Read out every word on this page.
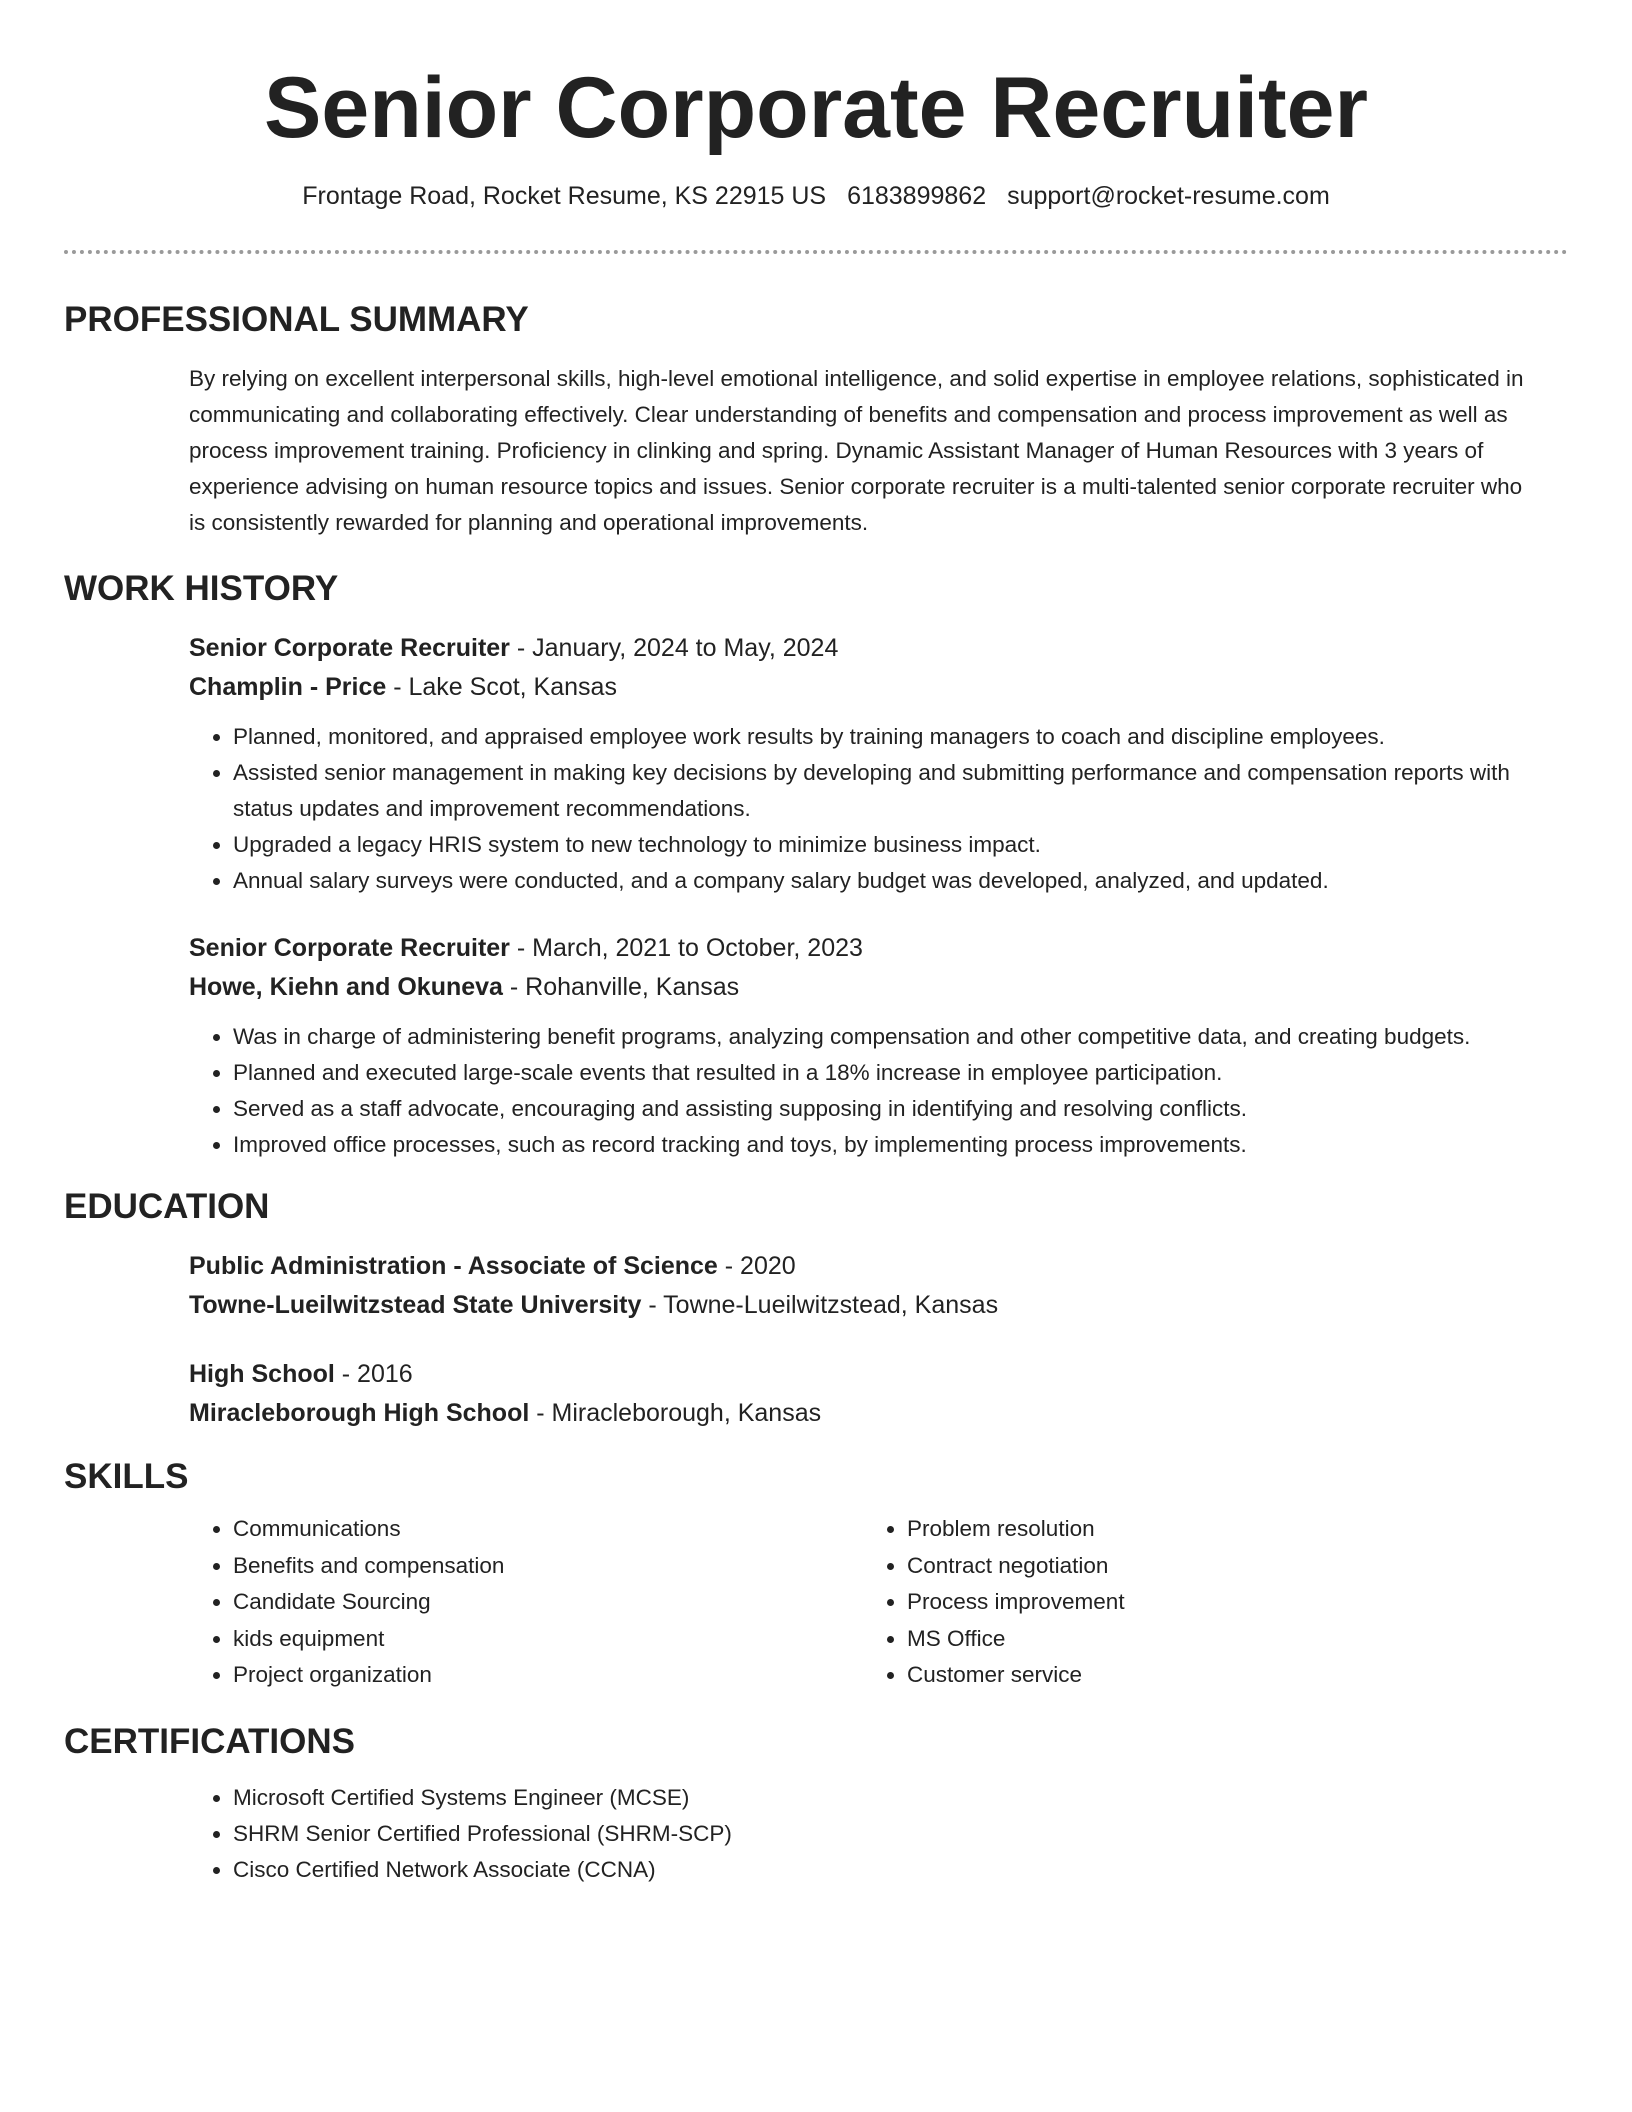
Senior Corporate Recruiter
Frontage Road, Rocket Resume, KS 22915 US 6183899862 support@rocket-resume.com
PROFESSIONAL SUMMARY
By relying on excellent interpersonal skills, high-level emotional intelligence, and solid expertise in employee relations, sophisticated in communicating and collaborating effectively. Clear understanding of benefits and compensation and process improvement as well as process improvement training. Proficiency in clinking and spring. Dynamic Assistant Manager of Human Resources with 3 years of experience advising on human resource topics and issues. Senior corporate recruiter is a multi-talented senior corporate recruiter who is consistently rewarded for planning and operational improvements.
WORK HISTORY
Senior Corporate Recruiter - January, 2024 to May, 2024
Champlin - Price - Lake Scot, Kansas
• Planned, monitored, and appraised employee work results by training managers to coach and discipline employees.
• Assisted senior management in making key decisions by developing and submitting performance and compensation reports with status updates and improvement recommendations.
• Upgraded a legacy HRIS system to new technology to minimize business impact.
• Annual salary surveys were conducted, and a company salary budget was developed, analyzed, and updated.
Senior Corporate Recruiter - March, 2021 to October, 2023
Howe, Kiehn and Okuneva - Rohanville, Kansas
• Was in charge of administering benefit programs, analyzing compensation and other competitive data, and creating budgets.
• Planned and executed large-scale events that resulted in a 18% increase in employee participation.
• Served as a staff advocate, encouraging and assisting supposing in identifying and resolving conflicts.
• Improved office processes, such as record tracking and toys, by implementing process improvements.
EDUCATION
Public Administration - Associate of Science - 2020
Towne-Lueilwitzstead State University - Towne-Lueilwitzstead, Kansas
High School - 2016
Miracleborough High School - Miracleborough, Kansas
SKILLS
• Communications
• Benefits and compensation
• Candidate Sourcing
• kids equipment
• Project organization
• Problem resolution
• Contract negotiation
• Process improvement
• MS Office
• Customer service
CERTIFICATIONS
• Microsoft Certified Systems Engineer (MCSE)
• SHRM Senior Certified Professional (SHRM-SCP)
• Cisco Certified Network Associate (CCNA)
